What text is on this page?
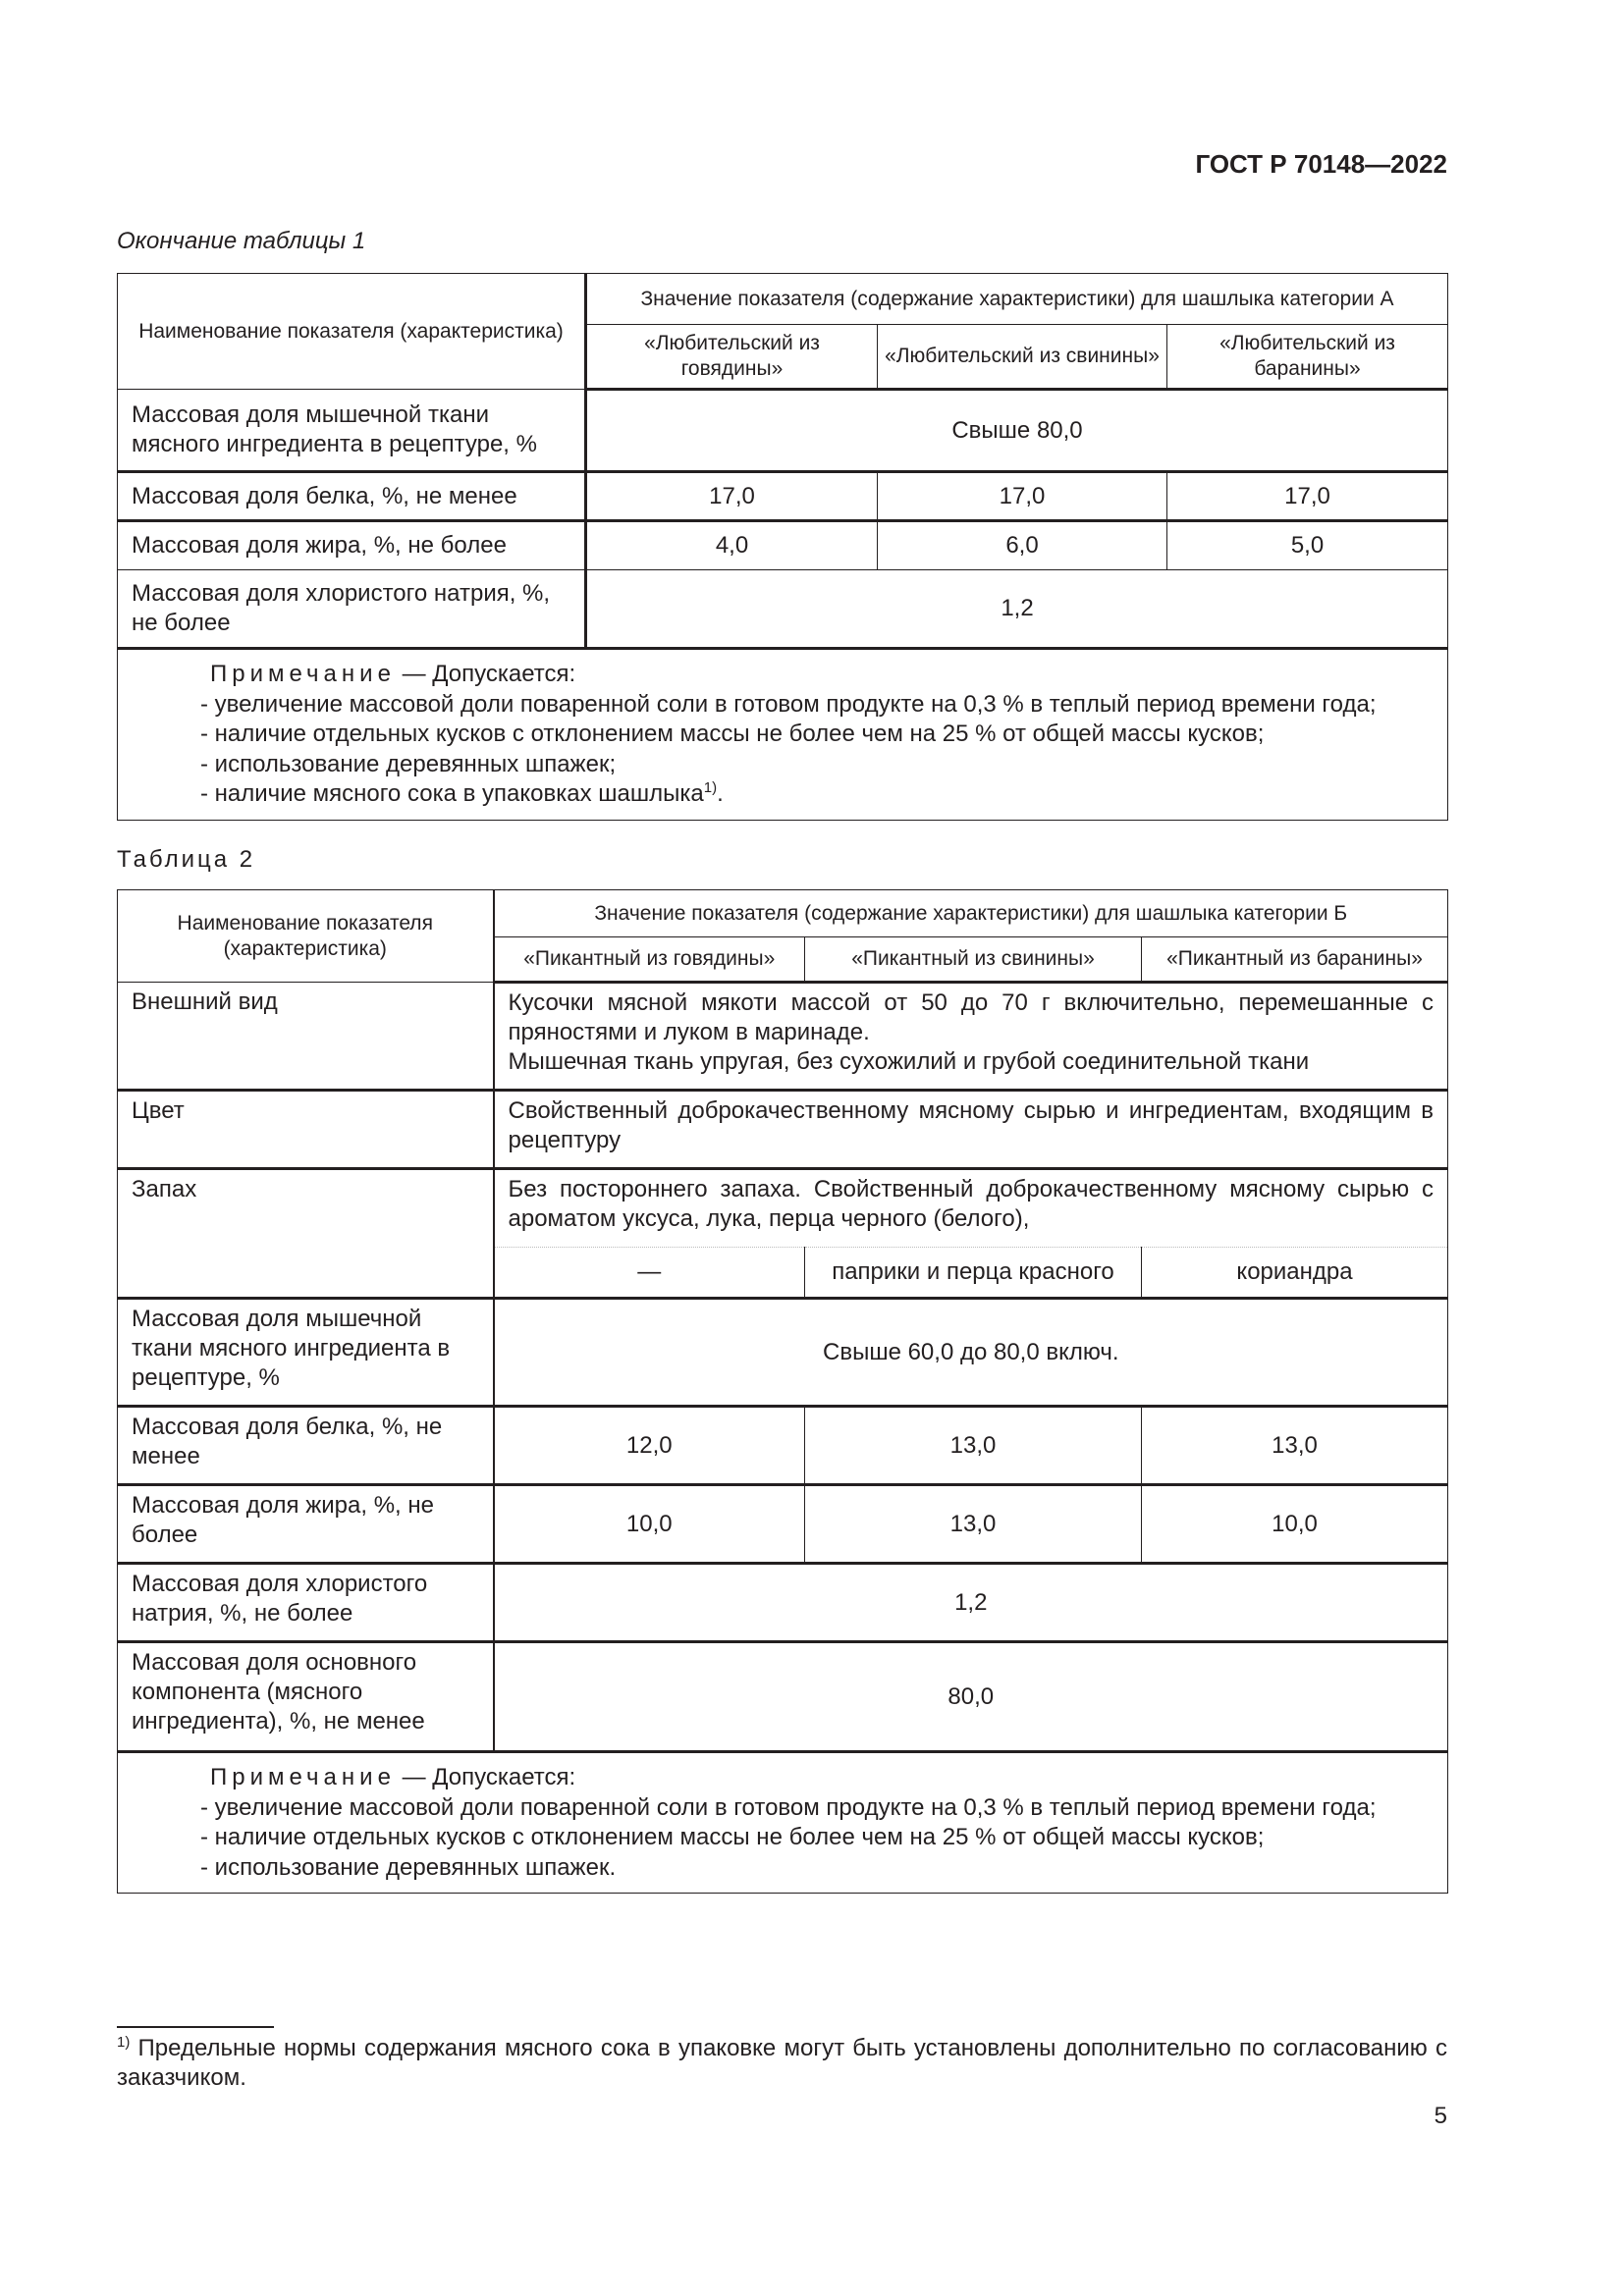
ГОСТ Р 70148—2022
Окончание таблицы 1
Наименование показателя (характеристика)	Значение показателя (содержание характеристики) для шашлыка категории А		
	«Любительский из говядины»	«Любительский из свинины»	«Любительский из баранины»
Массовая доля мышечной ткани мясного ингредиента в рецептуре, %	Свыше 80,0		
Массовая доля белка, %, не менее	17,0	17,0	17,0
Массовая доля жира, %, не более	4,0	6,0	5,0
Массовая доля хлористого натрия, %, не более	1,2		

Примечание — Допускается:
- увеличение массовой доли поваренной соли в готовом продукте на 0,3 % в теплый период времени года;
- наличие отдельных кусков с отклонением массы не более чем на 25 % от общей массы кусков;
- использование деревянных шпажек;
- наличие мясного сока в упаковках шашлыка$^{1)}$.			
Таблица 2
Наименование показателя (характеристика)	Значение показателя (содержание характеристики) для шашлыка категории Б		
	«Пикантный из говядины»	«Пикантный из свинины»	«Пикантный из баранины»
Внешний вид	Кусочки мясной мякоти массой от 50 до 70 г включительно, перемешанные с пряностями и луком в маринаде.
Мышечная ткань упругая, без сухожилий и грубой соединительной ткани		

Цвет	Свойственный доброкачественному мясному сырью и ингредиентам, входящим в рецептуру		
Запах	Без постороннего запаха. Свойственный доброкачественному мясному сырью с ароматом уксуса, лука, перца черного (белого),		
	—	паприки и перца красного	кориандра
Массовая доля мышечной ткани мясного ингредиента в рецептуре, %	Свыше 60,0 до 80,0 включ.		
Массовая доля белка, %, не менее	12,0	13,0	13,0
Массовая доля жира, %, не более	10,0	13,0	10,0
Массовая доля хлористого натрия, %, не более	1,2		
Массовая доля основного компонента (мясного ингредиента), %, не менее	80,0		

Примечание — Допускается:
- увеличение массовой доли поваренной соли в готовом продукте на 0,3 % в теплый период времени года;
- наличие отдельных кусков с отклонением массы не более чем на 25 % от общей массы кусков;
- использование деревянных шпажек.			
$^{1)}$ Предельные нормы содержания мясного сока в упаковке могут быть установлены дополнительно по согласованию с заказчиком.
5
